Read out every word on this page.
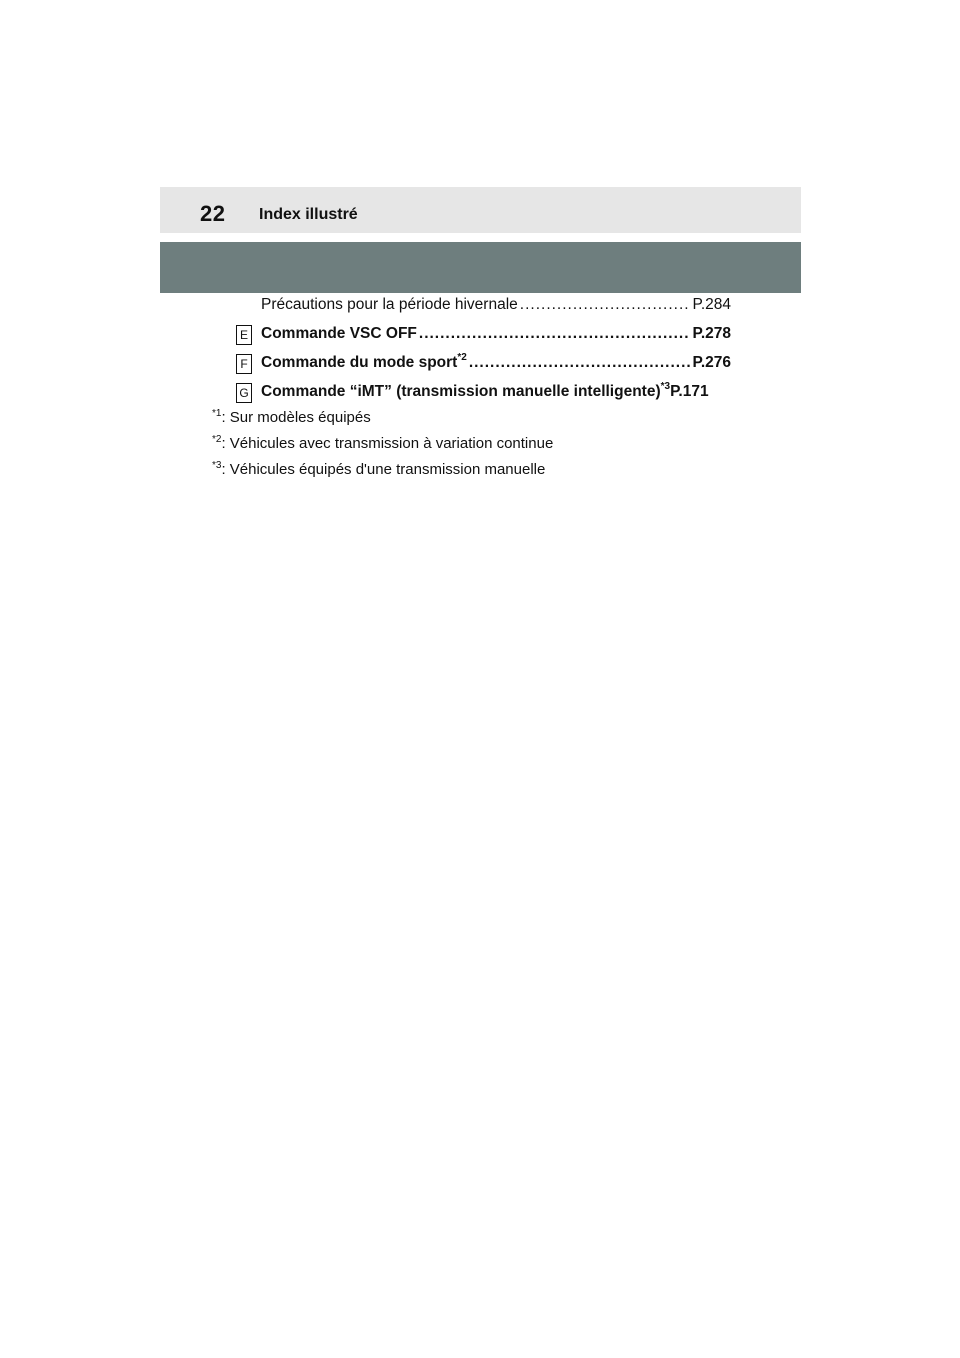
22 Index illustré
Précautions pour la période hivernale .....	P.284
E Commande VSC OFF .....	P.278
F Commande du mode sport$^{*2}$ .....	P.276
G Commande “iMT” (transmission manuelle intelligente)$^{*3}$ P.171
$^{*1}$: Sur modèles équipés
$^{*2}$: Véhicules avec transmission à variation continue
$^{*3}$: Véhicules équipés d'une transmission manuelle
